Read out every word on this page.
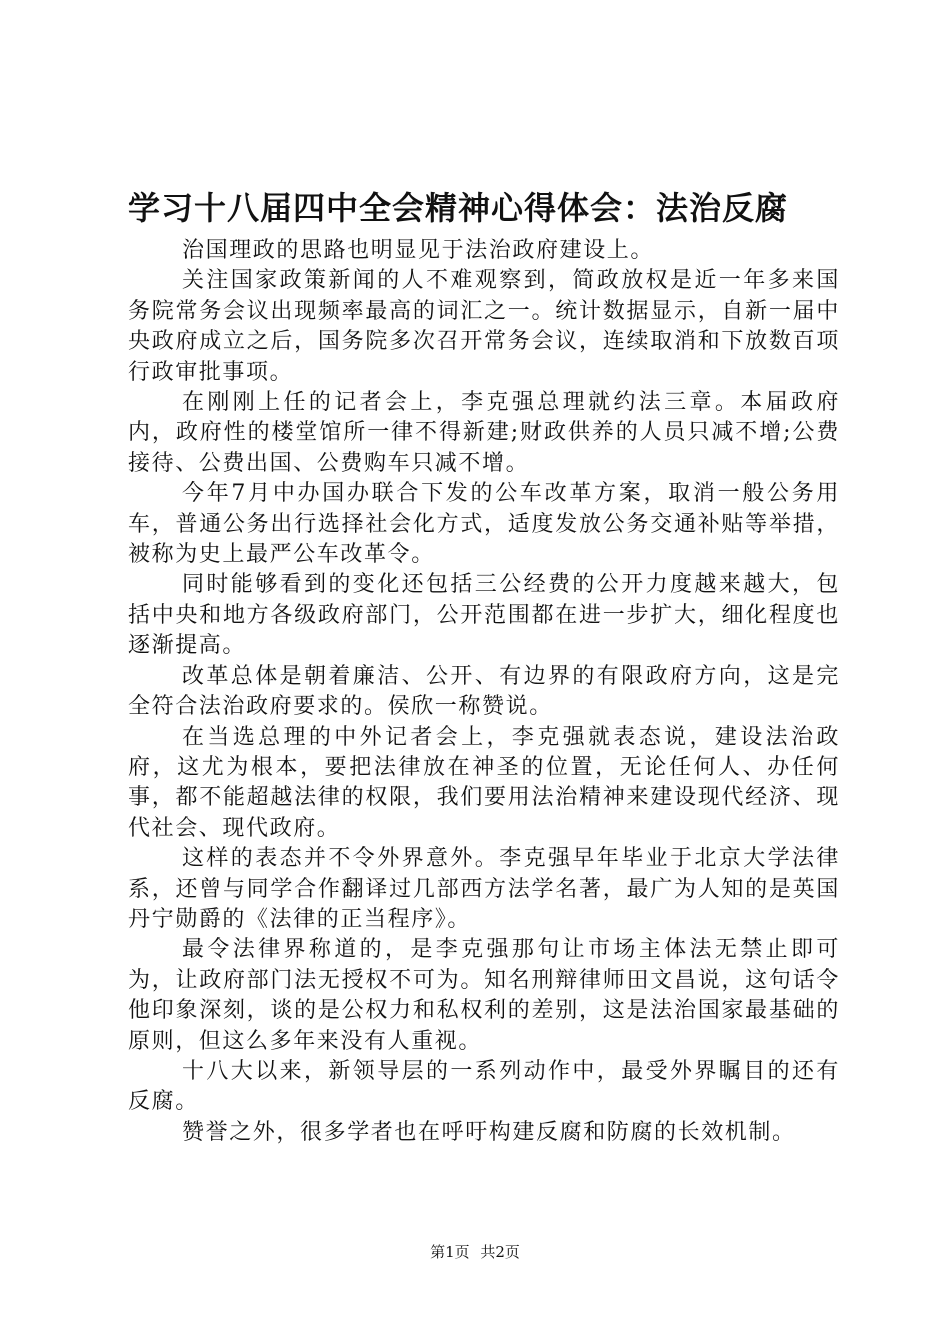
学习十八届四中全会精神心得体会：法治反腐

治国理政的思路也明显见于法治政府建设上。

关注国家政策新闻的人不难观察到，简政放权是近一年多来国务院常务会议出现频率最高的词汇之一。统计数据显示，自新一届中央政府成立之后，国务院多次召开常务会议，连续取消和下放数百项行政审批事项。

在刚刚上任的记者会上，李克强总理就约法三章。本届政府内，政府性的楼堂馆所一律不得新建;财政供养的人员只减不增;公费接待、公费出国、公费购车只减不增。

今年7月中办国办联合下发的公车改革方案，取消一般公务用车，普通公务出行选择社会化方式，适度发放公务交通补贴等举措，被称为史上最严公车改革令。

同时能够看到的变化还包括三公经费的公开力度越来越大，包括中央和地方各级政府部门，公开范围都在进一步扩大，细化程度也逐渐提高。

改革总体是朝着廉洁、公开、有边界的有限政府方向，这是完全符合法治政府要求的。侯欣一称赞说。

在当选总理的中外记者会上，李克强就表态说，建设法治政府，这尤为根本，要把法律放在神圣的位置，无论任何人、办任何事，都不能超越法律的权限，我们要用法治精神来建设现代经济、现代社会、现代政府。

这样的表态并不令外界意外。李克强早年毕业于北京大学法律系，还曾与同学合作翻译过几部西方法学名著，最广为人知的是英国丹宁勋爵的《法律的正当程序》。

最令法律界称道的，是李克强那句让市场主体法无禁止即可为，让政府部门法无授权不可为。知名刑辩律师田文昌说，这句话令他印象深刻，谈的是公权力和私权利的差别，这是法治国家最基础的原则，但这么多年来没有人重视。

十八大以来，新领导层的一系列动作中，最受外界瞩目的还有反腐。

赞誉之外，很多学者也在呼吁构建反腐和防腐的长效机制。

第1页 共2页
